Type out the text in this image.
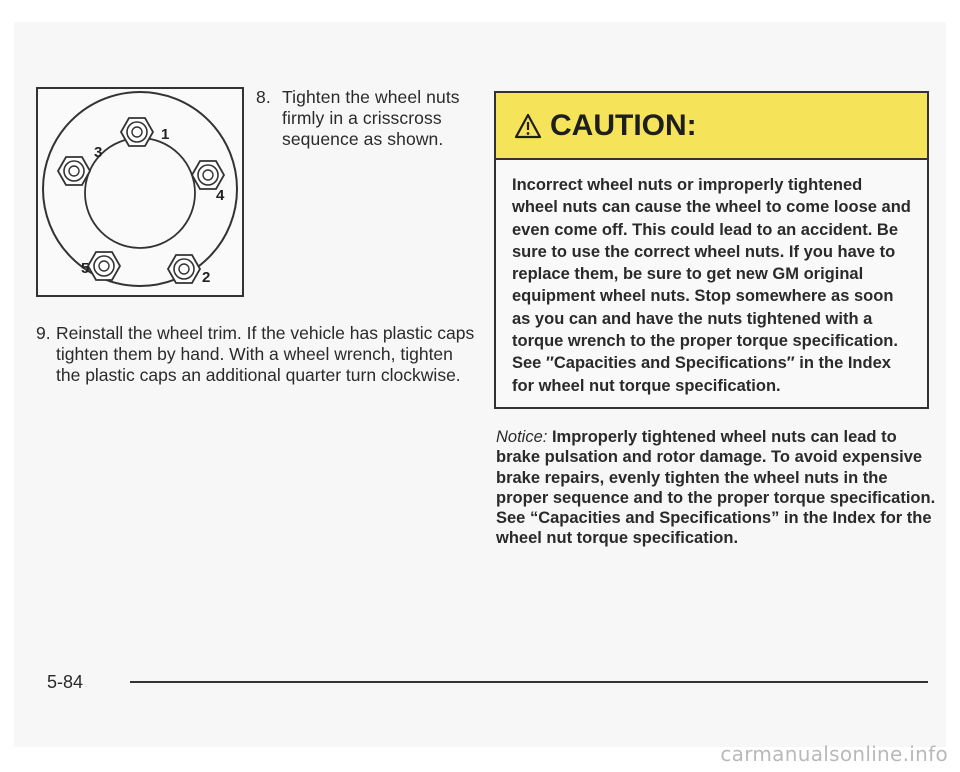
1
2
3
4
5
8. Tighten the wheel nuts firmly in a crisscross sequence as shown.
9. Reinstall the wheel trim. If the vehicle has plastic caps tighten them by hand. With a wheel wrench, tighten the plastic caps an additional quarter turn clockwise.
CAUTION:
Incorrect wheel nuts or improperly tightened wheel nuts can cause the wheel to come loose and even come off. This could lead to an accident. Be sure to use the correct wheel nuts. If you have to replace them, be sure to get new GM original equipment wheel nuts. Stop somewhere as soon as you can and have the nuts tightened with a torque wrench to the proper torque specification. See ″Capacities and Specifications″ in the Index for wheel nut torque specification.
Notice: Improperly tightened wheel nuts can lead to brake pulsation and rotor damage. To avoid expensive brake repairs, evenly tighten the wheel nuts in the proper sequence and to the proper torque specification. See “Capacities and Specifications” in the Index for the wheel nut torque specification.
5-84
carmanualsonline.info
